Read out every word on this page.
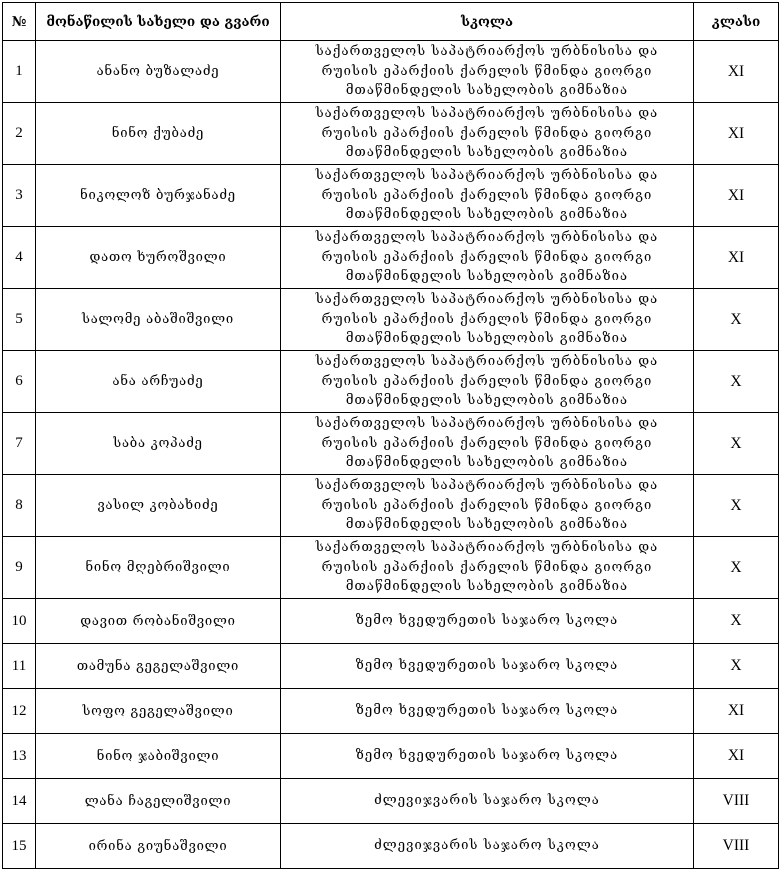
№	მონაწილის სახელი და გვარი	სკოლა	კლასი
1	ანანო ბუზალაძე	საქართველოს საპატრიარქოს ურბნისისა და
რუისის ეპარქიის ქარელის წმინდა გიორგი
მთაწმინდელის სახელობის გიმნაზია	XI
2	ნინო ქუბაძე	საქართველოს საპატრიარქოს ურბნისისა და
რუისის ეპარქიის ქარელის წმინდა გიორგი
მთაწმინდელის სახელობის გიმნაზია	XI
3	ნიკოლოზ ბურჯანაძე	საქართველოს საპატრიარქოს ურბნისისა და
რუისის ეპარქიის ქარელის წმინდა გიორგი
მთაწმინდელის სახელობის გიმნაზია	XI
4	დათო ხუროშვილი	საქართველოს საპატრიარქოს ურბნისისა და
რუისის ეპარქიის ქარელის წმინდა გიორგი
მთაწმინდელის სახელობის გიმნაზია	XI
5	სალომე აბაშიშვილი	საქართველოს საპატრიარქოს ურბნისისა და
რუისის ეპარქიის ქარელის წმინდა გიორგი
მთაწმინდელის სახელობის გიმნაზია	X
6	ანა არჩუაძე	საქართველოს საპატრიარქოს ურბნისისა და
რუისის ეპარქიის ქარელის წმინდა გიორგი
მთაწმინდელის სახელობის გიმნაზია	X
7	საბა კოპაძე	საქართველოს საპატრიარქოს ურბნისისა და
რუისის ეპარქიის ქარელის წმინდა გიორგი
მთაწმინდელის სახელობის გიმნაზია	X
8	ვასილ კობახიძე	საქართველოს საპატრიარქოს ურბნისისა და
რუისის ეპარქიის ქარელის წმინდა გიორგი
მთაწმინდელის სახელობის გიმნაზია	X
9	ნინო მღებრიშვილი	საქართველოს საპატრიარქოს ურბნისისა და
რუისის ეპარქიის ქარელის წმინდა გიორგი
მთაწმინდელის სახელობის გიმნაზია	X
10	დავით რობანიშვილი	ზემო ხვედურეთის საჯარო სკოლა	X
11	თამუნა გეგელაშვილი	ზემო ხვედურეთის საჯარო სკოლა	X
12	სოფო გეგელაშვილი	ზემო ხვედურეთის საჯარო სკოლა	XI
13	ნინო ჯაბიშვილი	ზემო ხვედურეთის საჯარო სკოლა	XI
14	ლანა ჩაგელიშვილი	ძლევიჯვარის საჯარო სკოლა	VIII
15	ირინა გიუნაშვილი	ძლევიჯვარის საჯარო სკოლა	VIII
